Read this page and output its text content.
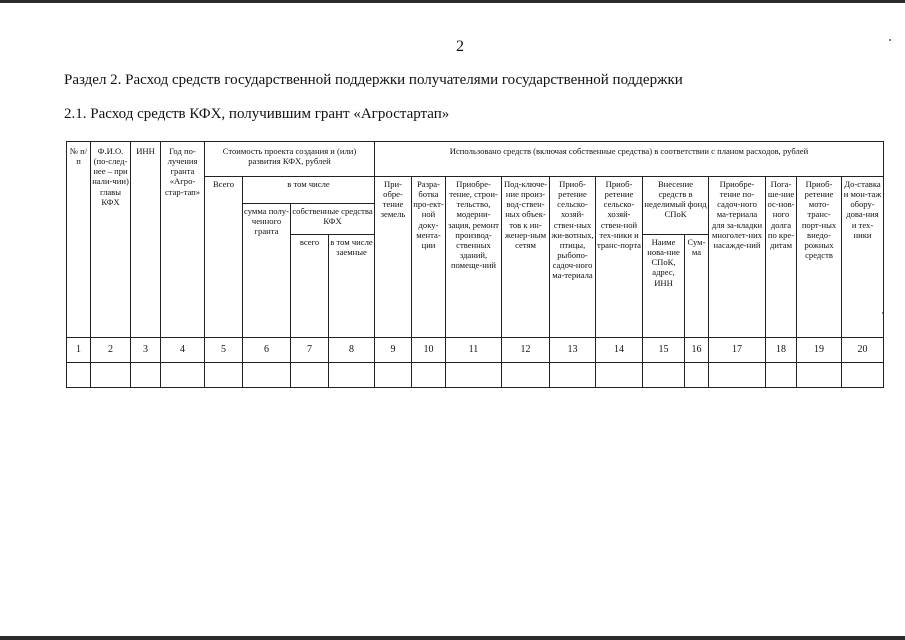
2
Раздел 2. Расход средств государственной поддержки получателями государственной поддержки
2.1. Расход средств КФХ, получившим грант «Агростартап»
№ п/п	Ф.И.О. (по-след-нее – при нали-чии) главы КФХ	ИНН	Год по-лучения гранта «Агро-стар-тап»	Стоимость проекта создания и (или) развития КФХ, рублей				Использовано средств (включая собственные средства) в соответствии с планом расходов, рублей											
				Всего	в том числе			При-обре-тение земель	Разра-ботка про-ект-ной доку-мента-ции	Приобре-тение, строи-тельство, модерни-зация, ремонт производ-ственных зданий, помеще-ний	Под-ключе-ние произ-вод-ствен-ных объек-тов к ин-женер-ным сетям	Приоб-ретение сельско-хозяй-ствен-ных жи-вотных, птицы, рыбопо-садоч-ного ма-териала	Приоб-ретение сельско-хозяй-ствен-ной тех-ники и транс-порта	Внесение средств в неделимый фонд СПоК		Приобре-тение по-садоч-ного ма-териала для за-кладки многолет-них насажде-ний	Пога-ше-ние ос-нов-ного долга по кре-дитам	Приоб-ретение мото-транс-порт-ных внедо-рожных средств	До-ставка и мон-таж обору-дова-ния и тех-ники
					сумма полу-ченного гранта	собственные средства КФХ													
						всего	в том числе заемные							Наиме нова-ние СПоК, адрес, ИНН	Сум-ма				
1	2	3	4	5	6	7	8	9	10	11	12	13	14	15	16	17	18	19	20
